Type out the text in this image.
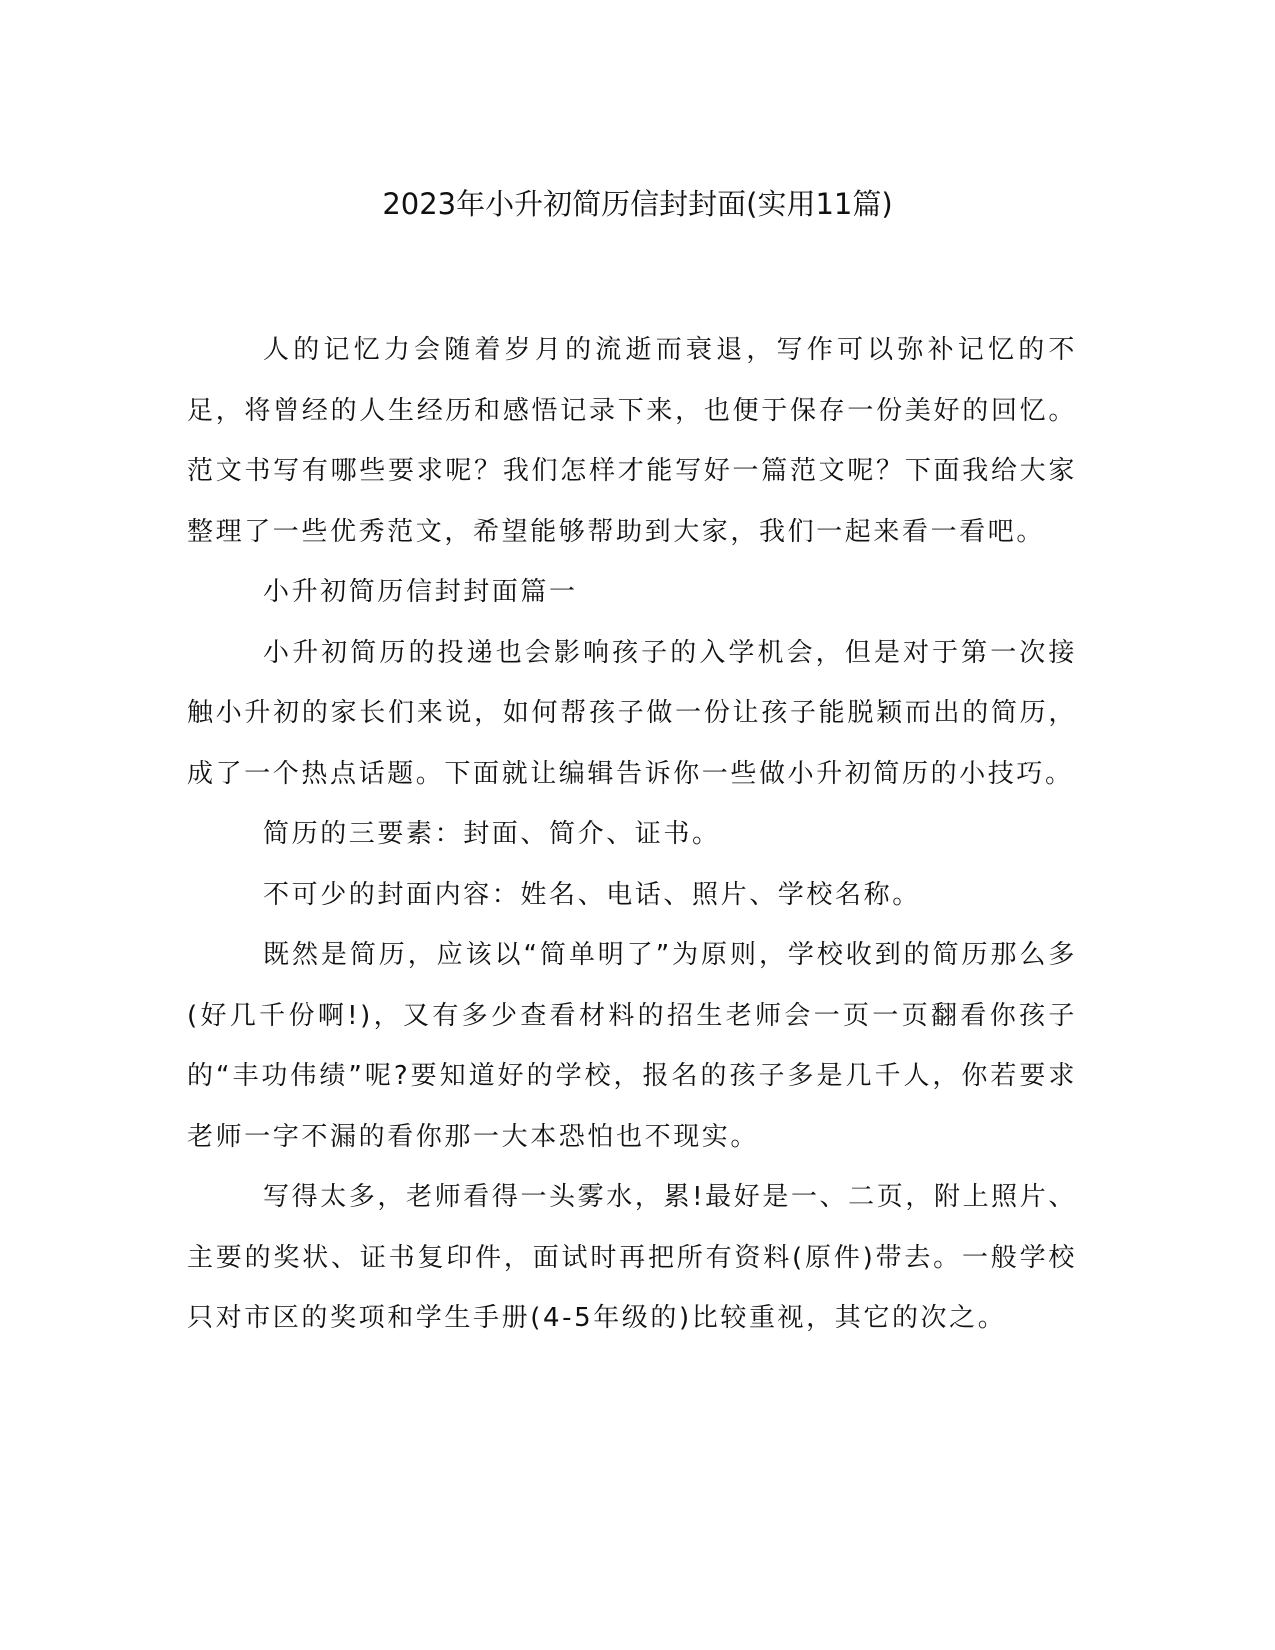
2023年小升初简历信封封面(实用11篇)

人的记忆力会随着岁月的流逝而衰退，写作可以弥补记忆的不足，将曾经的人生经历和感悟记录下来，也便于保存一份美好的回忆。范文书写有哪些要求呢？我们怎样才能写好一篇范文呢？下面我给大家整理了一些优秀范文，希望能够帮助到大家，我们一起来看一看吧。

小升初简历信封封面篇一

小升初简历的投递也会影响孩子的入学机会，但是对于第一次接触小升初的家长们来说，如何帮孩子做一份让孩子能脱颖而出的简历，成了一个热点话题。下面就让编辑告诉你一些做小升初简历的小技巧。

简历的三要素：封面、简介、证书。

不可少的封面内容：姓名、电话、照片、学校名称。

既然是简历，应该以“简单明了”为原则，学校收到的简历那么多(好几千份啊!)，又有多少查看材料的招生老师会一页一页翻看你孩子的“丰功伟绩”呢?要知道好的学校，报名的孩子多是几千人，你若要求老师一字不漏的看你那一大本恐怕也不现实。

写得太多，老师看得一头雾水，累!最好是一、二页，附上照片、主要的奖状、证书复印件，面试时再把所有资料(原件)带去。一般学校只对市区的奖项和学生手册(4-5年级的)比较重视，其它的次之。
